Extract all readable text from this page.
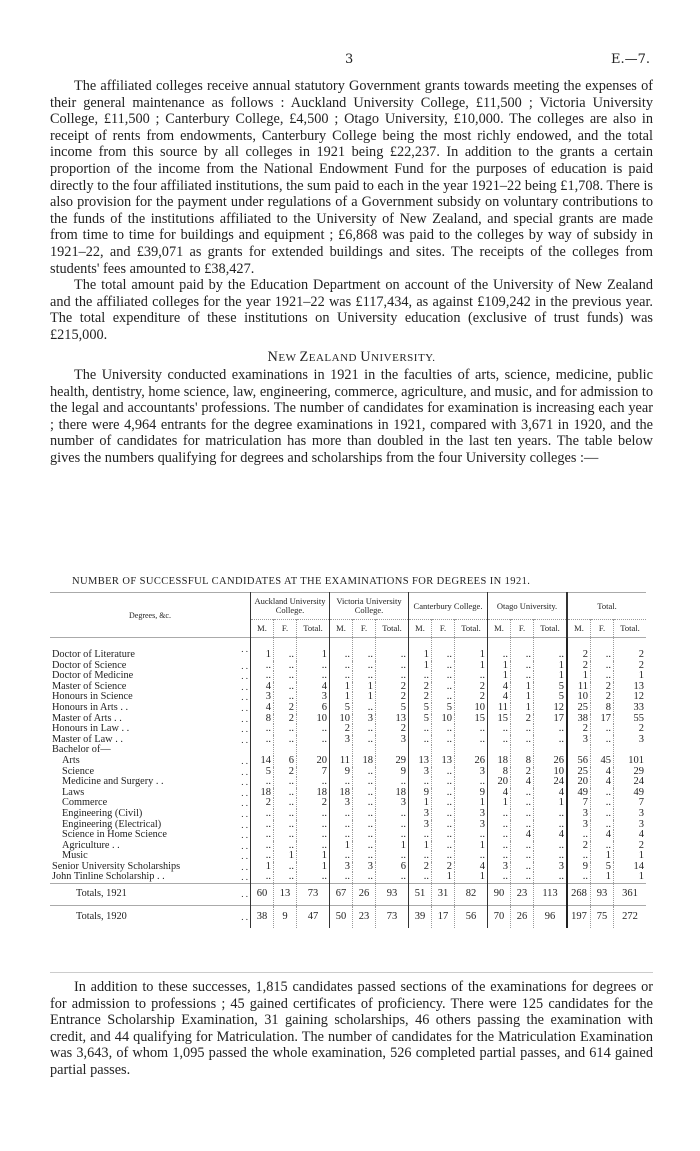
3	E.—7.

The affiliated colleges receive annual statutory Government grants towards meeting the expenses of their general maintenance as follows : Auckland University College, £11,500 ; Victoria University College, £11,500 ; Canterbury College, £4,500 ; Otago University, £10,000. The colleges are also in receipt of rents from endowments, Canterbury College being the most richly endowed, and the total income from this source by all colleges in 1921 being £22,237. In addition to the grants a certain proportion of the income from the National Endowment Fund for the purposes of education is paid directly to the four affiliated institutions, the sum paid to each in the year 1921–22 being £1,708. There is also provision for the payment under regulations of a Government subsidy on voluntary contributions to the funds of the institutions affiliated to the University of New Zealand, and special grants are made from time to time for buildings and equipment ; £6,868 was paid to the colleges by way of subsidy in 1921–22, and £39,071 as grants for extended buildings and sites. The receipts of the colleges from students' fees amounted to £38,427.

The total amount paid by the Education Department on account of the University of New Zealand and the affiliated colleges for the year 1921–22 was £117,434, as against £109,242 in the previous year. The total expenditure of these institutions on University education (exclusive of trust funds) was £215,000.

NEW ZEALAND UNIVERSITY.

The University conducted examinations in 1921 in the faculties of arts, science, medicine, public health, dentistry, home science, law, engineering, commerce, agriculture, and music, and for admission to the legal and accountants' professions. The number of candidates for examination is increasing each year ; there were 4,964 entrants for the degree examinations in 1921, compared with 3,671 in 1920, and the number of candidates for matriculation has more than doubled in the last ten years. The table below gives the numbers qualifying for degrees and scholarships from the four University colleges :—

NUMBER OF SUCCESSFUL CANDIDATES AT THE EXAMINATIONS FOR DEGREES IN 1921.
Degrees, &c.		Auckland University College.			Victoria University College.			Canterbury College.			Otago University.			Total.		
		M.	F.	Total.	M.	F.	Total.	M.	F.	Total.	M.	F.	Total.	M.	F.	Total.
Doctor of Literature	. .	1	..	1	..	..	..	1	..	1	..	..	..	2	..	2
Doctor of Science	. .	..	..	..	..	..	..	1	..	1	1	..	1	2	..	2
Doctor of Medicine	. .	..	..	..	..	..	..	..	..	..	1	..	1	1	..	1
Master of Science	. .	4	..	4	1	1	2	2	..	2	4	1	5	11	2	13
Honours in Science	. .	3	..	3	1	1	2	2	..	2	4	1	5	10	2	12
Honours in Arts . .	. .	4	2	6	5	..	5	5	5	10	11	1	12	25	8	33
Master of Arts . .	. .	8	2	10	10	3	13	5	10	15	15	2	17	38	17	55
Honours in Law . .	. .	..	..	..	2	..	2	..	..	..	..	..	..	2	..	2
Master of Law . .	. .	..	..	..	3	..	3	..	..	..	..	..	..	3	..	3
Bachelor of—																
Arts	. .	14	6	20	11	18	29	13	13	26	18	8	26	56	45	101
Science	. .	5	2	7	9	..	9	3	..	3	8	2	10	25	4	29
Medicine and Surgery . .	. .	..	..	..	..	..	..	..	..	..	20	4	24	20	4	24
Laws	. .	18	..	18	18	..	18	9	..	9	4	..	4	49	..	49
Commerce	. .	2	..	2	3	..	3	1	..	1	1	..	1	7	..	7
Engineering (Civil)	. .	..	..	..	..	..	..	3	..	3	..	..	..	3	..	3
Engineering (Electrical)	. .	..	..	..	..	..	..	3	..	3	..	..	..	3	..	3
Science in Home Science	. .	..	..	..	..	..	..	..	..	..	..	4	4	..	4	4
Agriculture . .	. .	..	..	..	1	..	1	1	..	1	..	..	..	2	..	2
Music	. .	..	1	1	..	..	..	..	..	..	..	..	..	..	1	1
Senior University Scholarships	. .	1	..	1	3	3	6	2	2	4	3	..	3	9	5	14
John Tinline Scholarship . .	. .	..	..	..	..	..	..	..	1	1	..	..	..	..	1	1
Totals, 1921	. .	60	13	73	67	26	93	51	31	82	90	23	113	268	93	361
Totals, 1920	. .	38	9	47	50	23	73	39	17	56	70	26	96	197	75	272

In addition to these successes, 1,815 candidates passed sections of the examinations for degrees or for admission to professions ; 45 gained certificates of proficiency. There were 125 candidates for the Entrance Scholarship Examination, 31 gaining scholarships, 46 others passing the examination with credit, and 44 qualifying for Matriculation. The number of candidates for the Matriculation Examination was 3,643, of whom 1,095 passed the whole examination, 526 completed partial passes, and 614 gained partial passes.
